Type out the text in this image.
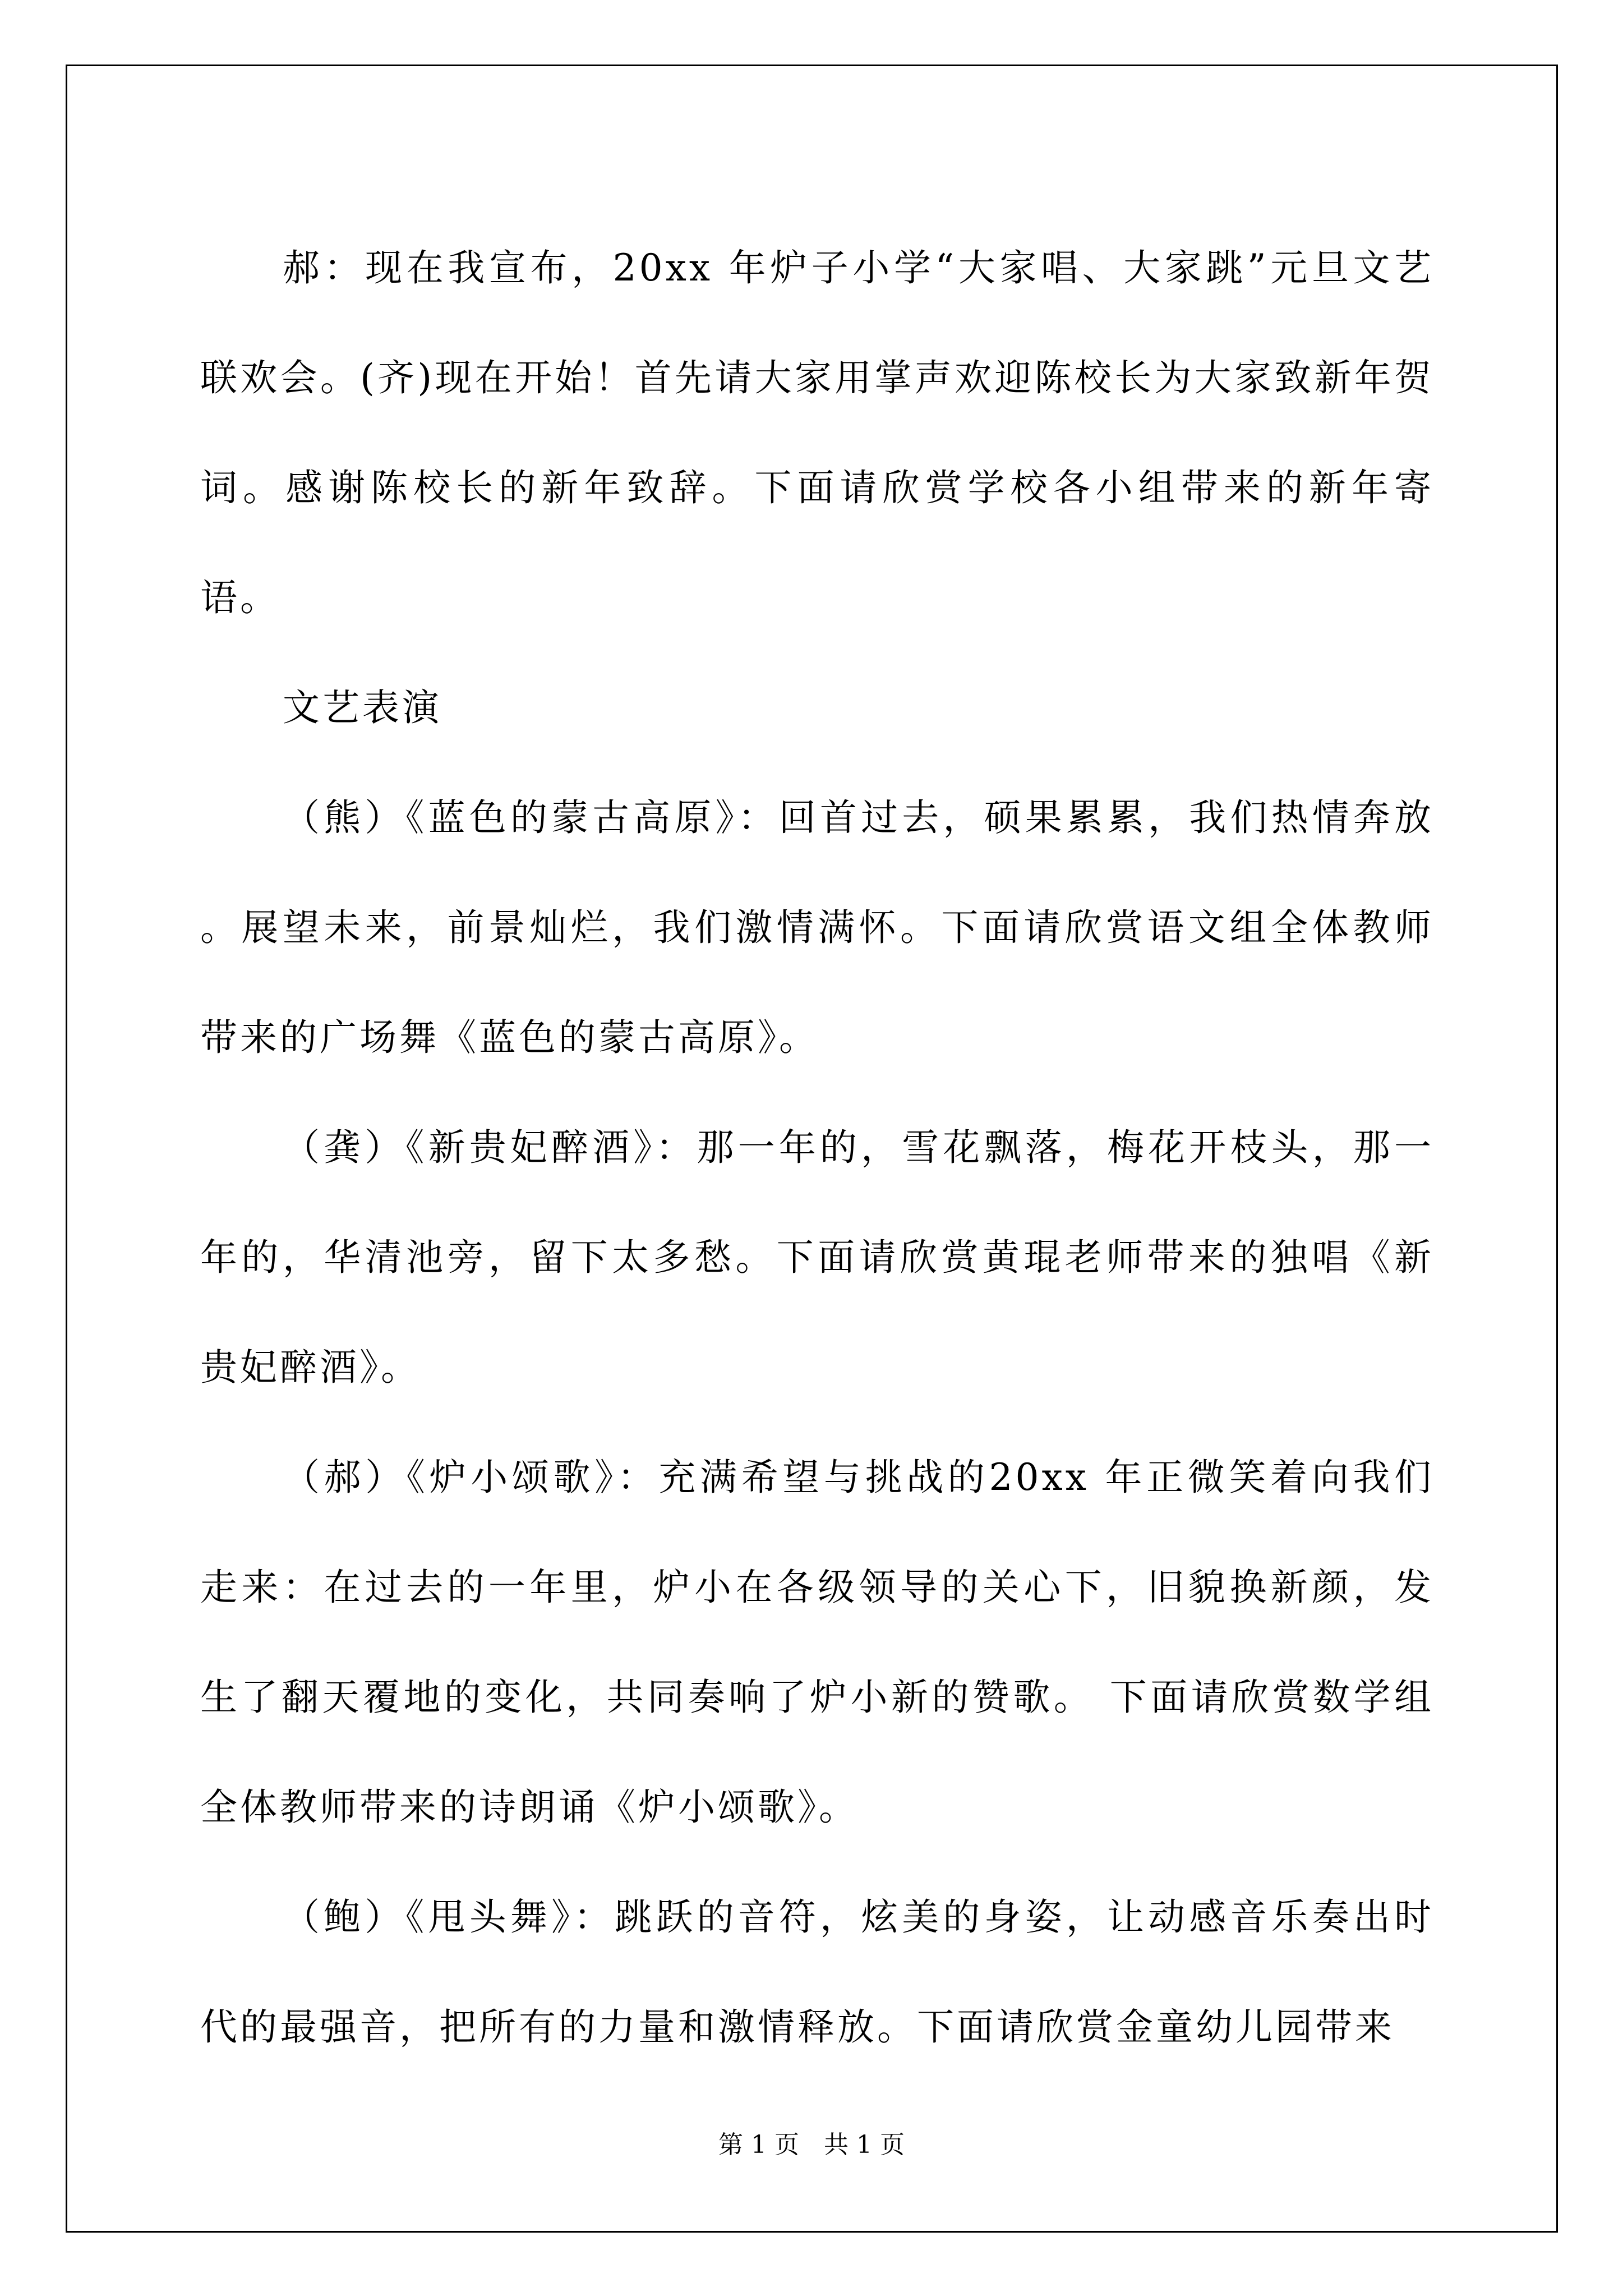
郝：现在我宣布，20xx 年炉子小学“大家唱、大家跳”元旦文艺联欢会。(齐)现在开始！首先请大家用掌声欢迎陈校长为大家致新年贺词。感谢陈校长的新年致辞。下面请欣赏学校各小组带来的新年寄语。

文艺表演

（熊）《蓝色的蒙古高原》：回首过去，硕果累累，我们热情奔放 。展望未来，前景灿烂，我们激情满怀。下面请欣赏语文组全体教师带来的广场舞《蓝色的蒙古高原》。

（龚）《新贵妃醉酒》：那一年的，雪花飘落，梅花开枝头，那一年的，华清池旁，留下太多愁。下面请欣赏黄琨老师带来的独唱《新贵妃醉酒》。

（郝）《炉小颂歌》：充满希望与挑战的20xx 年正微笑着向我们走来：在过去的一年里，炉小在各级领导的关心下，旧貌换新颜，发生了翻天覆地的变化，共同奏响了炉小新的赞歌。 下面请欣赏数学组全体教师带来的诗朗诵《炉小颂歌》。

（鲍）《甩头舞》：跳跃的音符，炫美的身姿，让动感音乐奏出时代的最强音，把所有的力量和激情释放。下面请欣赏金童幼儿园带来

第 1 页　共 1 页
